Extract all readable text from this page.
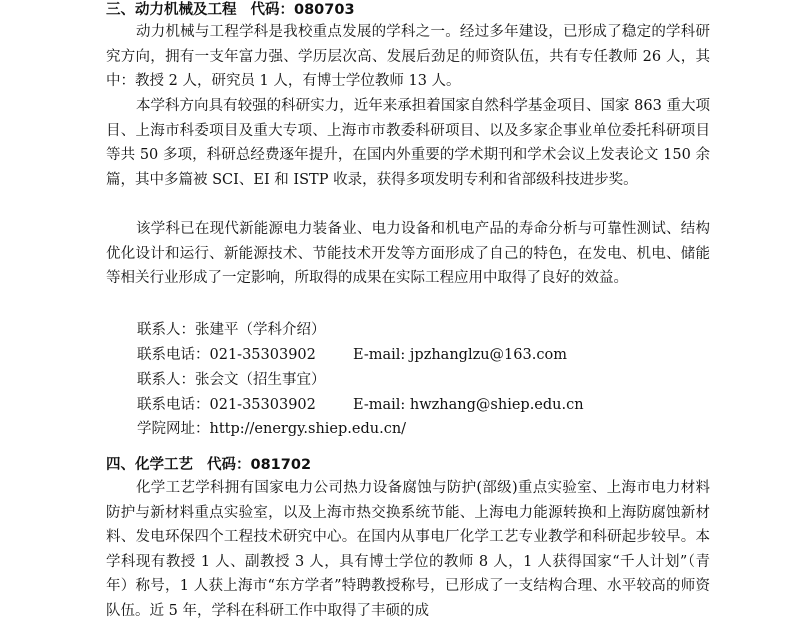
三、动力机械及工程 代码：080703

动力机械与工程学科是我校重点发展的学科之一。经过多年建设，已形成了稳定的学科研究方向，拥有一支年富力强、学历层次高、发展后劲足的师资队伍，共有专任教师 26 人，其中：教授 2 人，研究员 1 人，有博士学位教师 13 人。

本学科方向具有较强的科研实力，近年来承担着国家自然科学基金项目、国家 863 重大项目、上海市科委项目及重大专项、上海市市教委科研项目、以及多家企事业单位委托科研项目等共 50 多项，科研总经费逐年提升，在国内外重要的学术期刊和学术会议上发表论文 150 余篇，其中多篇被 SCI、EI 和 ISTP 收录，获得多项发明专利和省部级科技进步奖。

该学科已在现代新能源电力装备业、电力设备和机电产品的寿命分析与可靠性测试、结构优化设计和运行、新能源技术、节能技术开发等方面形成了自己的特色，在发电、机电、储能等相关行业形成了一定影响，所取得的成果在实际工程应用中取得了良好的效益。

联系人：张建平（学科介绍）
联系电话：021-35303902	E-mail: jpzhanglzu@163.com
联系人：张会文（招生事宜）
联系电话：021-35303902	E-mail: hwzhang@shiep.edu.cn
学院网址：http://energy.shiep.edu.cn/
四、化学工艺 代码：081702

化学工艺学科拥有国家电力公司热力设备腐蚀与防护(部级)重点实验室、上海市电力材料防护与新材料重点实验室，以及上海市热交换系统节能、上海电力能源转换和上海防腐蚀新材料、发电环保四个工程技术研究中心。在国内从事电厂化学工艺专业教学和科研起步较早。本学科现有教授 1 人、副教授 3 人，具有博士学位的教师 8 人，1 人获得国家“千人计划”（青年）称号，1 人获上海市“东方学者”特聘教授称号，已形成了一支结构合理、水平较高的师资队伍。近 5 年，学科在科研工作中取得了丰硕的成
